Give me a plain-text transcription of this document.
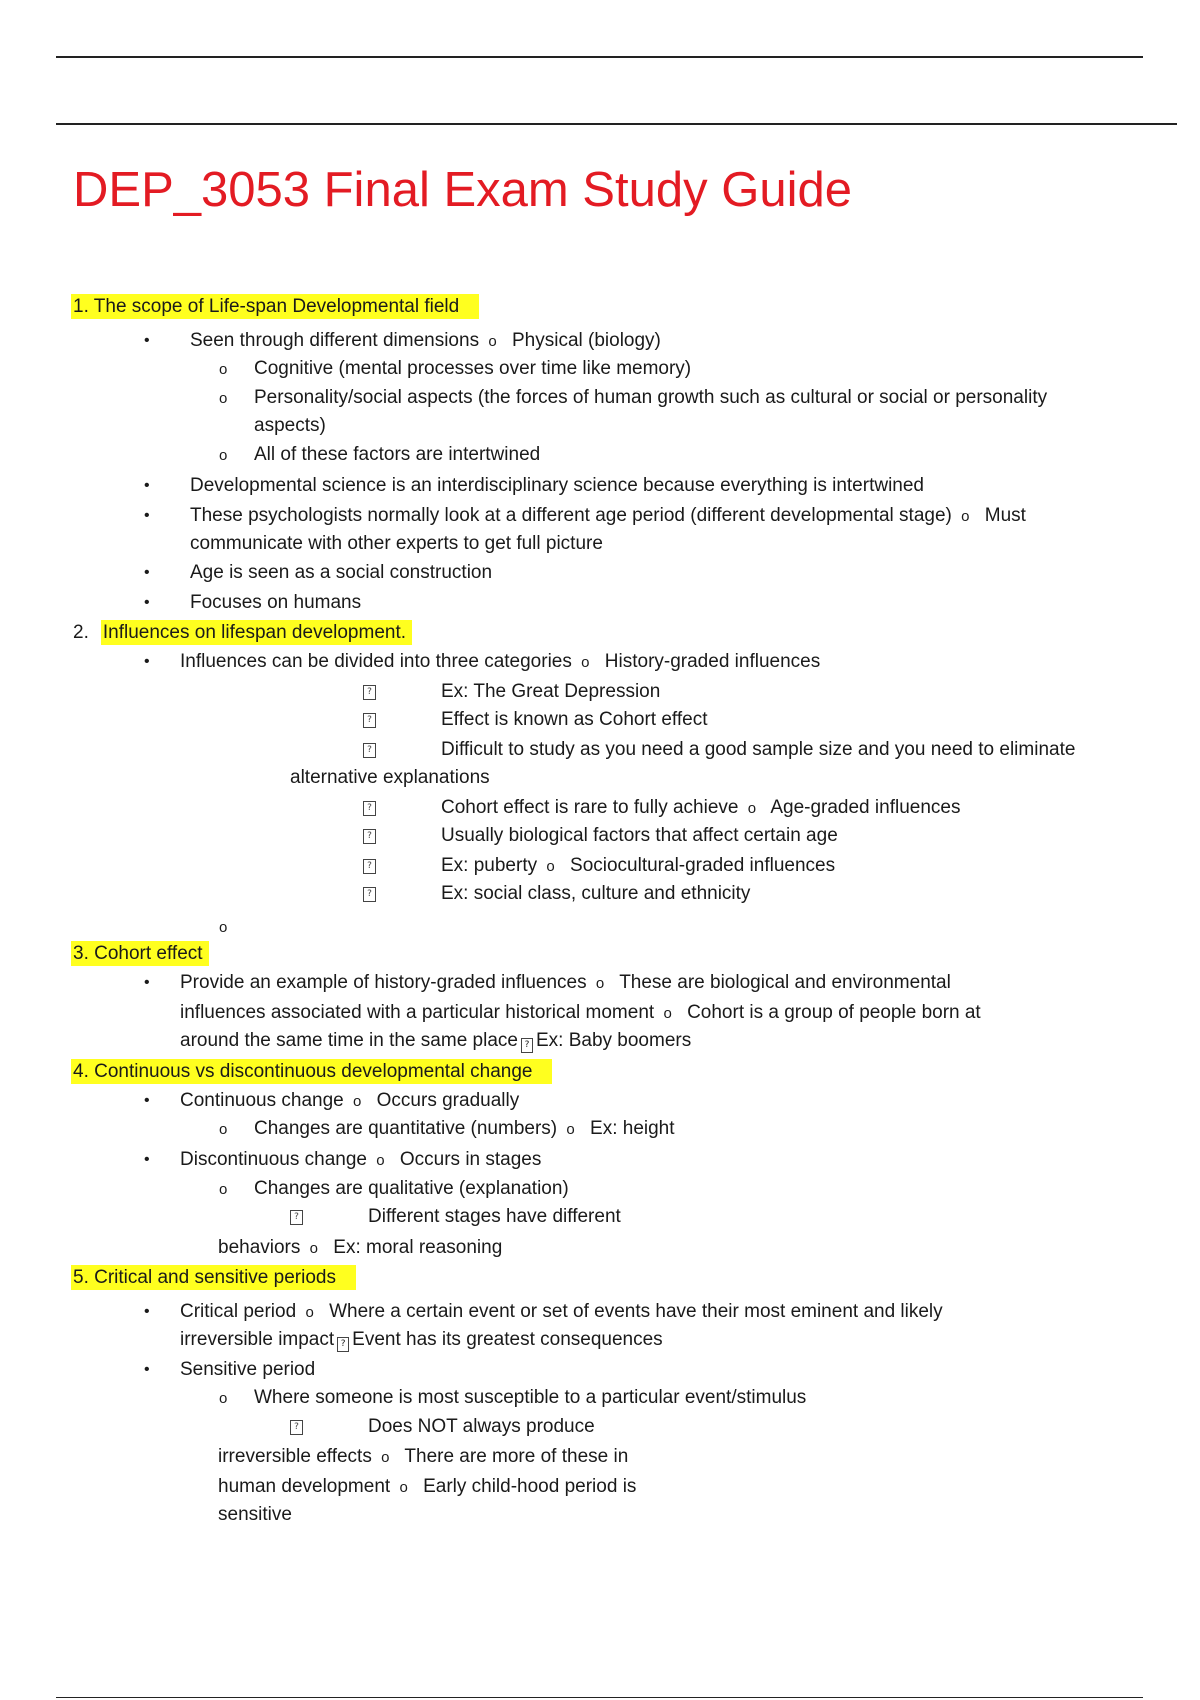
DEP_3053 Final Exam Study Guide
1. The scope of Life-span Developmental field
• Seen through different dimensions o Physical (biology)
o Cognitive (mental processes over time like memory)
o Personality/social aspects (the forces of human growth such as cultural or social or personality
aspects)
o All of these factors are intertwined
• Developmental science is an interdisciplinary science because everything is intertwined
• These psychologists normally look at a different age period (different developmental stage) o Must
communicate with other experts to get full picture
• Age is seen as a social construction
• Focuses on humans
2. Influences on lifespan development.
• Influences can be divided into three categories o History-graded influences
?	Ex: The Great Depression
?	Effect is known as Cohort effect
?	Difficult to study as you need a good sample size and you need to eliminate
alternative explanations
?	Cohort effect is rare to fully achieve o Age-graded influences
?	Usually biological factors that affect certain age
?	Ex: puberty o Sociocultural-graded influences
?	Ex: social class, culture and ethnicity
o
3. Cohort effect
• Provide an example of history-graded influences o These are biological and environmental
influences associated with a particular historical moment o Cohort is a group of people born at
around the same time in the same place ? Ex: Baby boomers
4. Continuous vs discontinuous developmental change
• Continuous change o Occurs gradually
o Changes are quantitative (numbers) o Ex: height
• Discontinuous change o Occurs in stages
o Changes are qualitative (explanation)
?	Different stages have different
behaviors o Ex: moral reasoning
5. Critical and sensitive periods
• Critical period o Where a certain event or set of events have their most eminent and likely
irreversible impact ? Event has its greatest consequences
• Sensitive period
o Where someone is most susceptible to a particular event/stimulus
?	Does NOT always produce
irreversible effects o There are more of these in
human development o Early child-hood period is
sensitive
